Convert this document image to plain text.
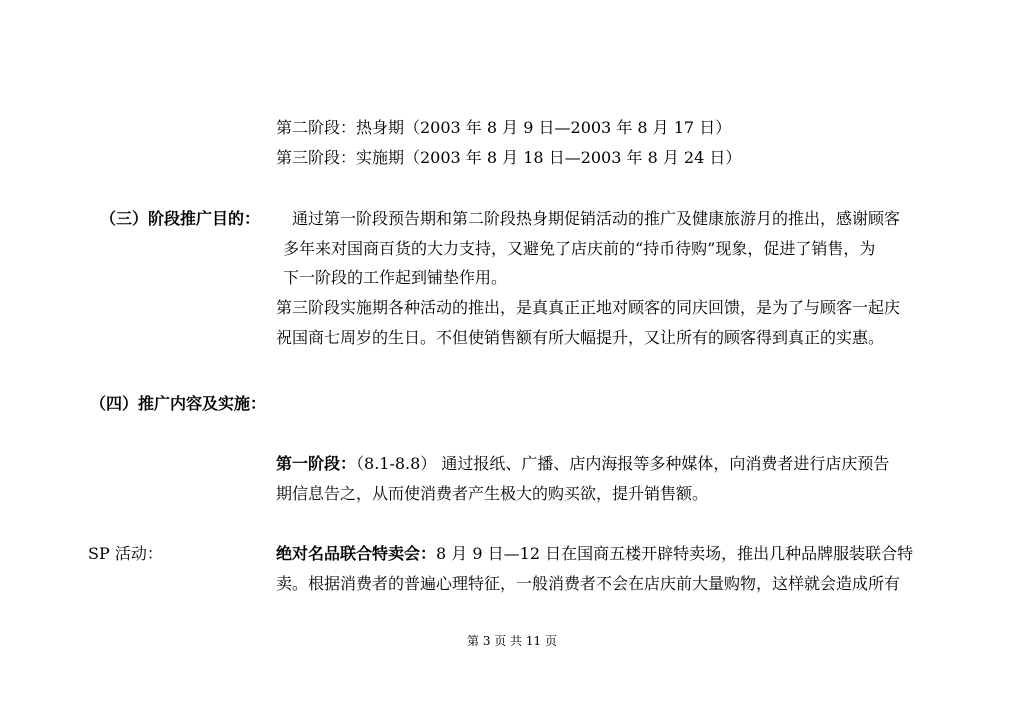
第二阶段：热身期（2003 年 8 月 9 日—2003 年 8 月 17 日）
第三阶段：实施期（2003 年 8 月 18 日—2003 年 8 月 24 日）
（三）阶段推广目的： 通过第一阶段预告期和第二阶段热身期促销活动的推广及健康旅游月的推出，感谢顾客
多年来对国商百货的大力支持，又避免了店庆前的“持币待购”现象，促进了销售，为
下一阶段的工作起到铺垫作用。
第三阶段实施期各种活动的推出，是真真正正地对顾客的同庆回馈，是为了与顾客一起庆
祝国商七周岁的生日。不但使销售额有所大幅提升，又让所有的顾客得到真正的实惠。
（四）推广内容及实施：
第一阶段：（8.1-8.8） 通过报纸、广播、店内海报等多种媒体，向消费者进行店庆预告
期信息告之，从而使消费者产生极大的购买欲，提升销售额。
SP 活动：	绝对名品联合特卖会：8 月 9 日—12 日在国商五楼开辟特卖场，推出几种品牌服装联合特
卖。根据消费者的普遍心理特征，一般消费者不会在店庆前大量购物，这样就会造成所有
第 3 页 共 11 页
